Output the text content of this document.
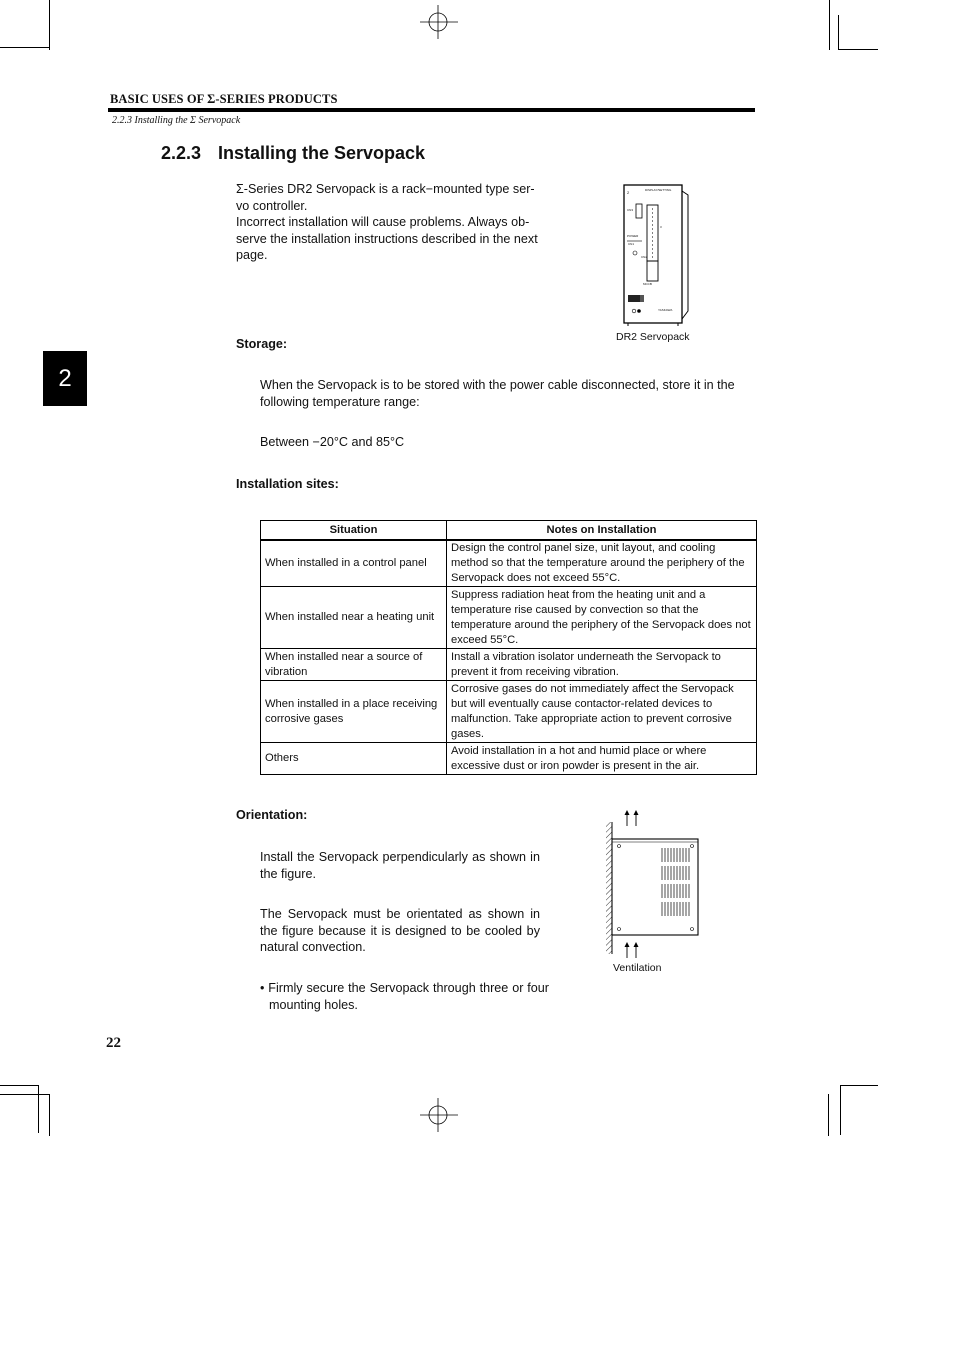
BASIC USES OF Σ-SERIES PRODUCTS
2.2.3 Installing the Σ Servopack
2.2.3 Installing the Servopack
2

Σ-Series DR2 Servopack is a rack−mounted type ser-vo controller.

Incorrect installation will cause problems. Always ob-serve the installation instructions described in the next page.

2	DISPLAY/SETTING
CN3
3
POWER
CN1
CN2
MCCB
YASKAWA
DR2 Servopack
Storage:
When the Servopack is to be stored with the power cable disconnected, store it in the following temperature range:
Between −20°C and 85°C
Installation sites:
Situation	Notes on Installation
When installed in a control panel	Design the control panel size, unit layout, and cooling method so that the temperature around the periphery of the Servopack does not exceed 55°C.
When installed near a heating unit	Suppress radiation heat from the heating unit and a temperature rise caused by convection so that the temperature around the periphery of the Servopack does not exceed 55°C.
When installed near a source of vibration	Install a vibration isolator underneath the Servopack to prevent it from receiving vibration.
When installed in a place receiving corrosive gases	Corrosive gases do not immediately affect the Servopack but will eventually cause contactor-related devices to malfunction. Take appropriate action to prevent corrosive gases.
Others	Avoid installation in a hot and humid place or where excessive dust or iron powder is present in the air.
Orientation:
Install the Servopack perpendicularly as shown in the figure.
The Servopack must be orientated as shown in the figure because it is designed to be cooled by natural convection.
• Firmly secure the Servopack through three or four mounting holes.
Ventilation
22
